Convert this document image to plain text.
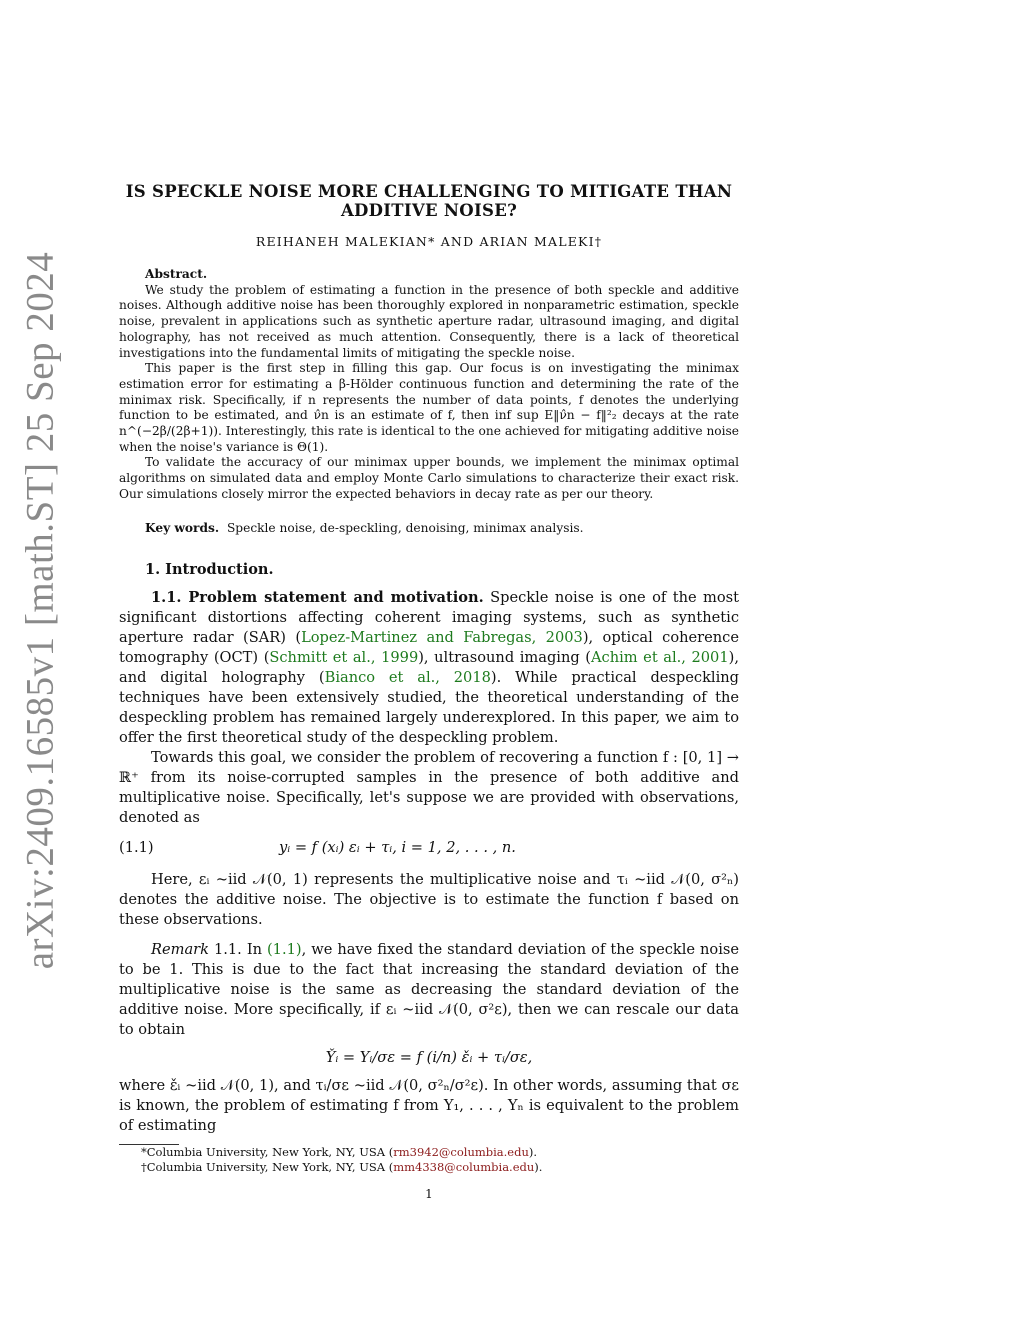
arXiv:2409.16585v1 [math.ST] 25 Sep 2024
IS SPECKLE NOISE MORE CHALLENGING TO MITIGATE THAN
ADDITIVE NOISE?
REIHANEH MALEKIAN* AND ARIAN MALEKI†

Abstract.

We study the problem of estimating a function in the presence of both speckle and additive noises. Although additive noise has been thoroughly explored in nonparametric estimation, speckle noise, prevalent in applications such as synthetic aperture radar, ultrasound imaging, and digital holography, has not received as much attention. Consequently, there is a lack of theoretical investigations into the fundamental limits of mitigating the speckle noise.

This paper is the first step in filling this gap. Our focus is on investigating the minimax estimation error for estimating a β-Hölder continuous function and determining the rate of the minimax risk. Specifically, if n represents the number of data points, f denotes the underlying function to be estimated, and ν̂n is an estimate of f, then inf sup E‖ν̂n − f‖²₂ decays at the rate n^(−2β/(2β+1)). Interestingly, this rate is identical to the one achieved for mitigating additive noise when the noise's variance is Θ(1).

To validate the accuracy of our minimax upper bounds, we implement the minimax optimal algorithms on simulated data and employ Monte Carlo simulations to characterize their exact risk. Our simulations closely mirror the expected behaviors in decay rate as per our theory.

Key words. Speckle noise, de-speckling, denoising, minimax analysis.
1. Introduction.

1.1. Problem statement and motivation. Speckle noise is one of the most significant distortions affecting coherent imaging systems, such as synthetic aperture radar (SAR) (Lopez-Martinez and Fabregas, 2003), optical coherence tomography (OCT) (Schmitt et al., 1999), ultrasound imaging (Achim et al., 2001), and digital holography (Bianco et al., 2018). While practical despeckling techniques have been extensively studied, the theoretical understanding of the despeckling problem has remained largely underexplored. In this paper, we aim to offer the first theoretical study of the despeckling problem.

Towards this goal, we consider the problem of recovering a function f : [0, 1] → ℝ⁺ from its noise-corrupted samples in the presence of both additive and multiplicative noise. Specifically, let's suppose we are provided with observations, denoted as

(1.1)	yᵢ = f (xᵢ) εᵢ + τᵢ, i = 1, 2, . . . , n.

Here, εᵢ ~iid 𝒩(0, 1) represents the multiplicative noise and τᵢ ~iid 𝒩(0, σ²ₙ) denotes the additive noise. The objective is to estimate the function f based on these observations.

Remark 1.1. In (1.1), we have fixed the standard deviation of the speckle noise to be 1. This is due to the fact that increasing the standard deviation of the multiplicative noise is the same as decreasing the standard deviation of the additive noise. More specifically, if εᵢ ~iid 𝒩(0, σ²ε), then we can rescale our data to obtain

Y̌ᵢ = Yᵢ/σε = f (i/n) ε̌ᵢ + τᵢ/σε,

where ε̌ᵢ ~iid 𝒩(0, 1), and τᵢ/σε ~iid 𝒩(0, σ²ₙ/σ²ε). In other words, assuming that σε is known, the problem of estimating f from Y₁, . . . , Yₙ is equivalent to the problem of estimating

*Columbia University, New York, NY, USA (rm3942@columbia.edu).
†Columbia University, New York, NY, USA (mm4338@columbia.edu).
1
